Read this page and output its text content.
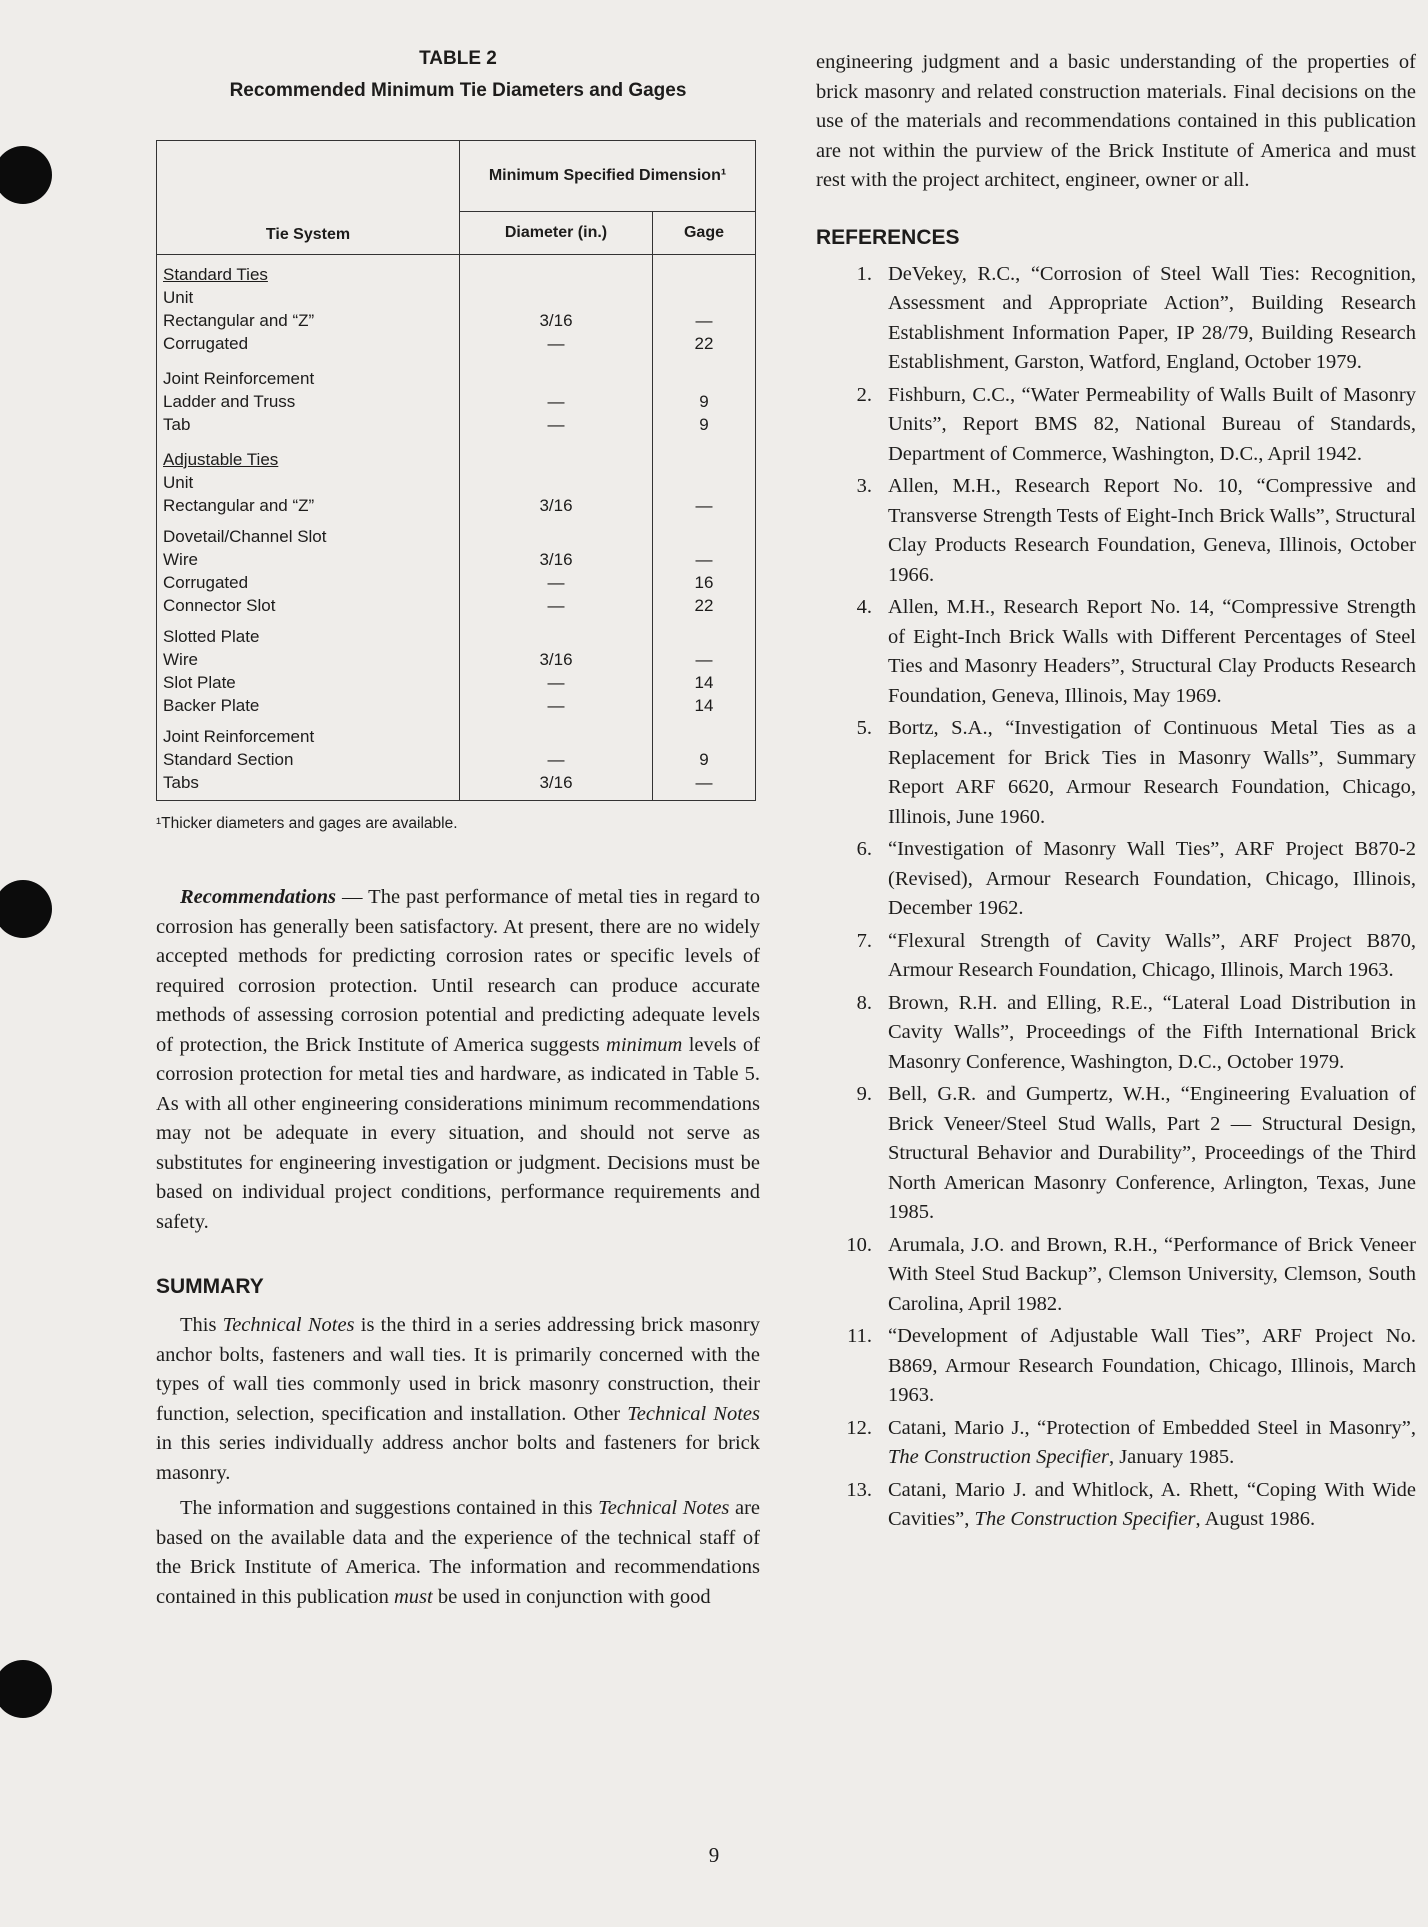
TABLE 2
Recommended Minimum Tie Diameters and Gages
Tie System	Minimum Specified Dimension¹	
	Diameter (in.)	Gage

Standard Ties		
Unit		
Rectangular and “Z”	3/16	—
Corrugated	—	22

Joint Reinforcement		
Ladder and Truss	—	9
Tab	—	9

Adjustable Ties		
Unit		
Rectangular and “Z”	3/16	—

Dovetail/Channel Slot		
Wire	3/16	—
Corrugated	—	16
Connector Slot	—	22

Slotted Plate		
Wire	3/16	—
Slot Plate	—	14
Backer Plate	—	14

Joint Reinforcement		
Standard Section	—	9
Tabs	3/16	—
¹Thicker diameters and gages are available.

Recommendations — The past performance of metal ties in regard to corrosion has generally been satisfactory. At present, there are no widely accepted methods for predicting corrosion rates or specific levels of required corrosion protection. Until research can produce accurate methods of assessing corrosion potential and predicting adequate levels of protection, the Brick Institute of America suggests minimum levels of corrosion protection for metal ties and hardware, as indicated in Table 5. As with all other engineering considerations minimum recommendations may not be adequate in every situation, and should not serve as substitutes for engineering investigation or judgment. Decisions must be based on individual project conditions, performance requirements and safety.

SUMMARY

This Technical Notes is the third in a series addressing brick masonry anchor bolts, fasteners and wall ties. It is primarily concerned with the types of wall ties commonly used in brick masonry construction, their function, selection, specification and installation. Other Technical Notes in this series individually address anchor bolts and fasteners for brick masonry.

The information and suggestions contained in this Technical Notes are based on the available data and the experience of the technical staff of the Brick Institute of America. The information and recommendations contained in this publication must be used in conjunction with good

engineering judgment and a basic understanding of the properties of brick masonry and related construction materials. Final decisions on the use of the materials and recommendations contained in this publication are not within the purview of the Brick Institute of America and must rest with the project architect, engineer, owner or all.

REFERENCES
1. DeVekey, R.C., “Corrosion of Steel Wall Ties: Recognition, Assessment and Appropriate Action”, Building Research Establishment Information Paper, IP 28/79, Building Research Establishment, Garston, Watford, England, October 1979.
2. Fishburn, C.C., “Water Permeability of Walls Built of Masonry Units”, Report BMS 82, National Bureau of Standards, Department of Commerce, Washington, D.C., April 1942.
3. Allen, M.H., Research Report No. 10, “Compressive and Transverse Strength Tests of Eight-Inch Brick Walls”, Structural Clay Products Research Foundation, Geneva, Illinois, October 1966.
4. Allen, M.H., Research Report No. 14, “Compressive Strength of Eight-Inch Brick Walls with Different Percentages of Steel Ties and Masonry Headers”, Structural Clay Products Research Foundation, Geneva, Illinois, May 1969.
5. Bortz, S.A., “Investigation of Continuous Metal Ties as a Replacement for Brick Ties in Masonry Walls”, Summary Report ARF 6620, Armour Research Foundation, Chicago, Illinois, June 1960.
6. “Investigation of Masonry Wall Ties”, ARF Project B870-2 (Revised), Armour Research Foundation, Chicago, Illinois, December 1962.
7. “Flexural Strength of Cavity Walls”, ARF Project B870, Armour Research Foundation, Chicago, Illinois, March 1963.
8. Brown, R.H. and Elling, R.E., “Lateral Load Distribution in Cavity Walls”, Proceedings of the Fifth International Brick Masonry Conference, Washington, D.C., October 1979.
9. Bell, G.R. and Gumpertz, W.H., “Engineering Evaluation of Brick Veneer/Steel Stud Walls, Part 2 — Structural Design, Structural Behavior and Durability”, Proceedings of the Third North American Masonry Conference, Arlington, Texas, June 1985.
10. Arumala, J.O. and Brown, R.H., “Performance of Brick Veneer With Steel Stud Backup”, Clemson University, Clemson, South Carolina, April 1982.
11. “Development of Adjustable Wall Ties”, ARF Project No. B869, Armour Research Foundation, Chicago, Illinois, March 1963.
12. Catani, Mario J., “Protection of Embedded Steel in Masonry”, The Construction Specifier, January 1985.
13. Catani, Mario J. and Whitlock, A. Rhett, “Coping With Wide Cavities”, The Construction Specifier, August 1986.
9
